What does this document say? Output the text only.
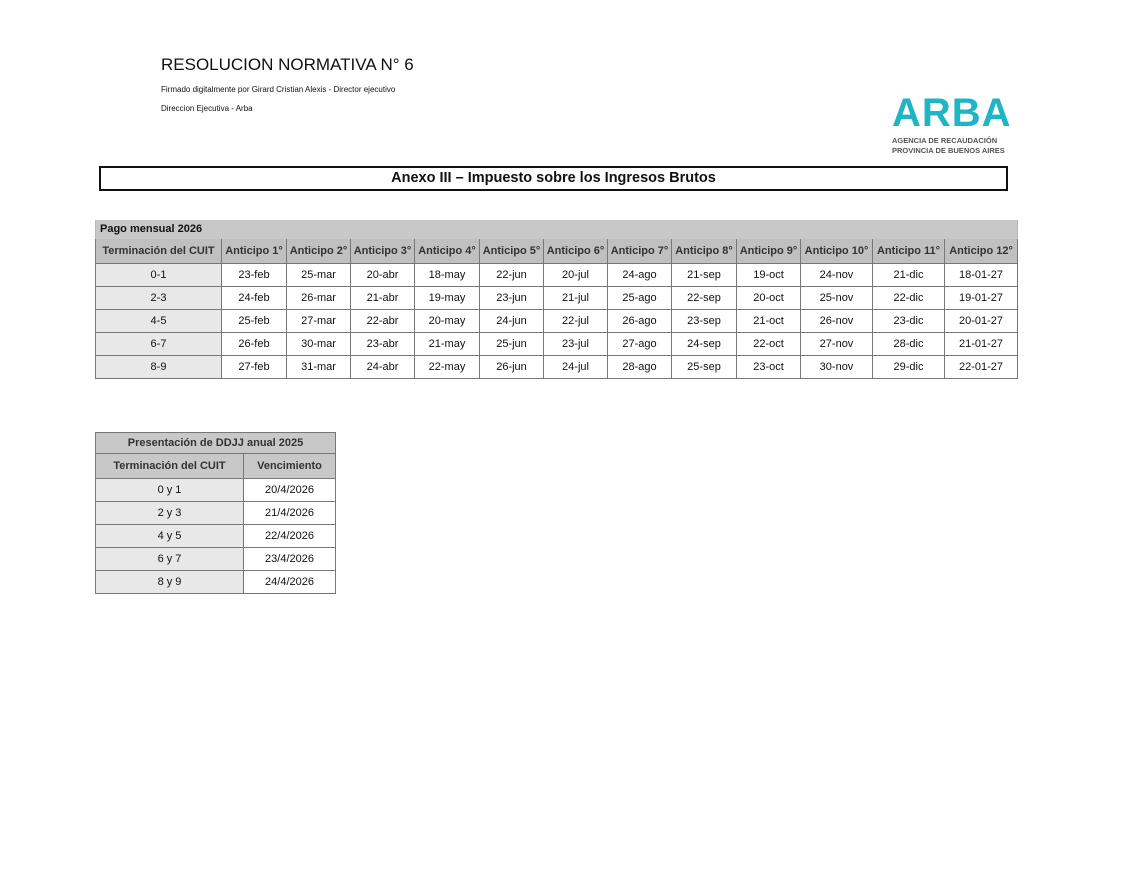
RESOLUCION NORMATIVA N° 6
Firmado digitalmente por Girard Cristian Alexis - Director ejecutivo
Direccion Ejecutiva - Arba	ARBA
AGENCIA DE RECAUDACIÓN
PROVINCIA DE BUENOS AIRES
Anexo III – Impuesto sobre los Ingresos Brutos
Pago mensual 2026												
Terminación del CUIT	Anticipo 1°	Anticipo 2°	Anticipo 3°	Anticipo 4°	Anticipo 5°	Anticipo 6°	Anticipo 7°	Anticipo 8°	Anticipo 9°	Anticipo 10°	Anticipo 11°	Anticipo 12°
0-1	23-feb	25-mar	20-abr	18-may	22-jun	20-jul	24-ago	21-sep	19-oct	24-nov	21-dic	18-01-27
2-3	24-feb	26-mar	21-abr	19-may	23-jun	21-jul	25-ago	22-sep	20-oct	25-nov	22-dic	19-01-27
4-5	25-feb	27-mar	22-abr	20-may	24-jun	22-jul	26-ago	23-sep	21-oct	26-nov	23-dic	20-01-27
6-7	26-feb	30-mar	23-abr	21-may	25-jun	23-jul	27-ago	24-sep	22-oct	27-nov	28-dic	21-01-27
8-9	27-feb	31-mar	24-abr	22-may	26-jun	24-jul	28-ago	25-sep	23-oct	30-nov	29-dic	22-01-27
Presentación de DDJJ anual 2025	
Terminación del CUIT	Vencimiento
0 y 1	20/4/2026
2 y 3	21/4/2026
4 y 5	22/4/2026
6 y 7	23/4/2026
8 y 9	24/4/2026
